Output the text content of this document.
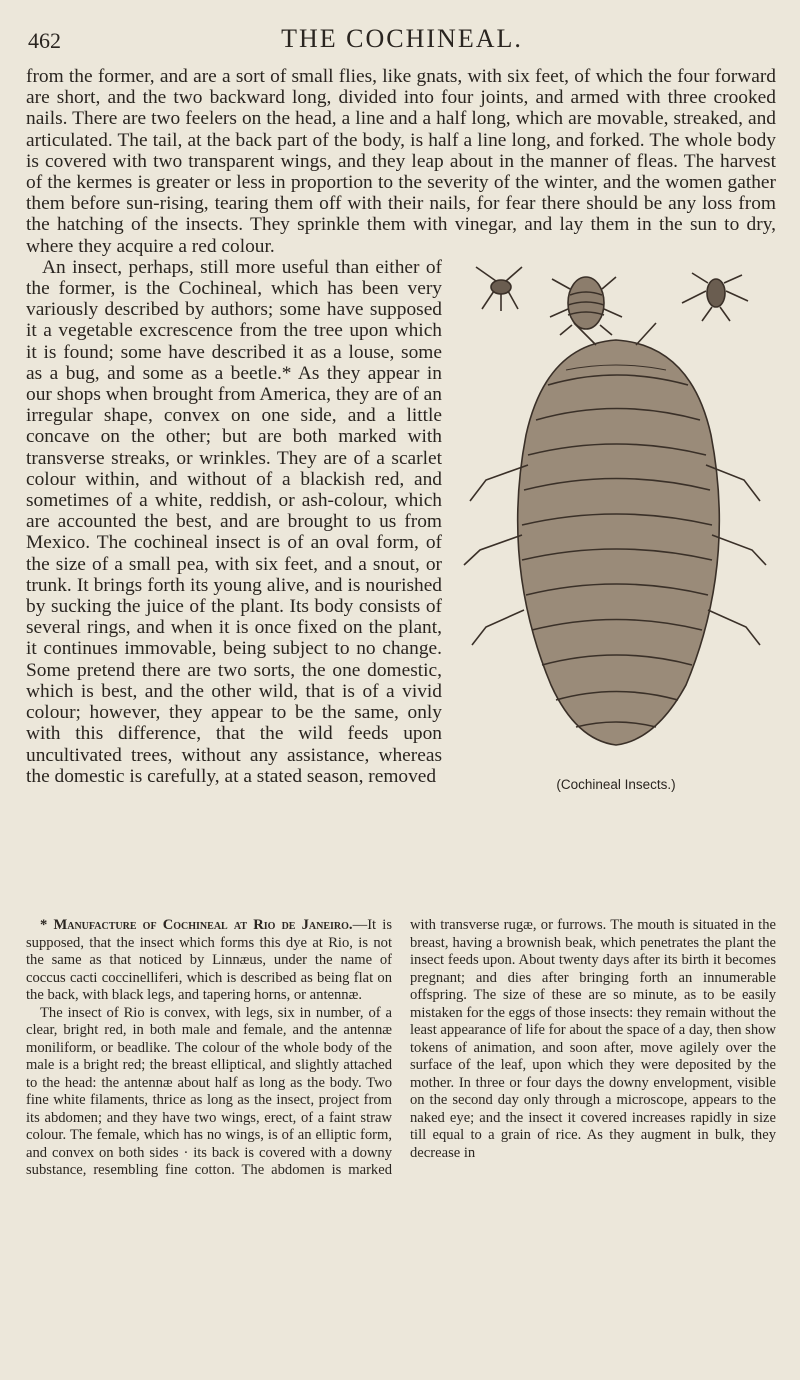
462	THE COCHINEAL.

from the former, and are a sort of small flies, like gnats, with six feet, of which the four forward are short, and the two backward long, divided into four joints, and armed with three crooked nails. There are two feelers on the head, a line and a half long, which are movable, streaked, and articulated. The tail, at the back part of the body, is half a line long, and forked. The whole body is covered with two transparent wings, and they leap about in the manner of fleas. The harvest of the kermes is greater or less in proportion to the severity of the winter, and the women gather them before sun-rising, tearing them off with their nails, for fear there should be any loss from the hatching of the insects. They sprinkle them with vinegar, and lay them in the sun to dry, where they acquire a red colour.

(Cochineal Insects.)

An insect, perhaps, still more useful than either of the former, is the Cochineal, which has been very variously described by authors; some have supposed it a vegetable excrescence from the tree upon which it is found; some have described it as a louse, some as a bug, and some as a beetle.* As they appear in our shops when brought from America, they are of an irregular shape, convex on one side, and a little concave on the other; but are both marked with transverse streaks, or wrinkles. They are of a scarlet colour within, and without of a blackish red, and sometimes of a white, reddish, or ash-colour, which are accounted the best, and are brought to us from Mexico. The cochineal insect is of an oval form, of the size of a small pea, with six feet, and a snout, or trunk. It brings forth its young alive, and is nourished by sucking the juice of the plant. Its body consists of several rings, and when it is once fixed on the plant, it continues immovable, being subject to no change. Some pretend there are two sorts, the one domestic, which is best, and the other wild, that is of a vivid colour; however, they appear to be the same, only with this difference, that the wild feeds upon uncultivated trees, without any assistance, whereas the domestic is carefully, at a stated season, removed

* Manufacture of Cochineal at Rio de Janeiro.—It is supposed, that the insect which forms this dye at Rio, is not the same as that noticed by Linnæus, under the name of coccus cacti coccinelliferi, which is described as being flat on the back, with black legs, and tapering horns, or antennæ.

The insect of Rio is convex, with legs, six in number, of a clear, bright red, in both male and female, and the antennæ moniliform, or beadlike. The colour of the whole body of the male is a bright red; the breast elliptical, and slightly attached to the head: the antennæ about half as long as the body. Two fine white filaments, thrice as long as the insect, project from its abdomen; and they have two wings, erect, of a faint straw colour. The female, which has no wings, is of an elliptic form, and convex on both sides · its back is covered with a downy substance, resembling fine cotton. The abdomen is marked with transverse rugæ, or furrows. The mouth is situated in the breast, having a brownish beak, which penetrates the plant the insect feeds upon. About twenty days after its birth it becomes pregnant; and dies after bringing forth an innumerable offspring. The size of these are so minute, as to be easily mistaken for the eggs of those insects: they remain without the least appearance of life for about the space of a day, then show tokens of animation, and soon after, move agilely over the surface of the leaf, upon which they were deposited by the mother. In three or four days the downy envelopment, visible on the second day only through a microscope, appears to the naked eye; and the insect it covered increases rapidly in size till equal to a grain of rice. As they augment in bulk, they decrease in
